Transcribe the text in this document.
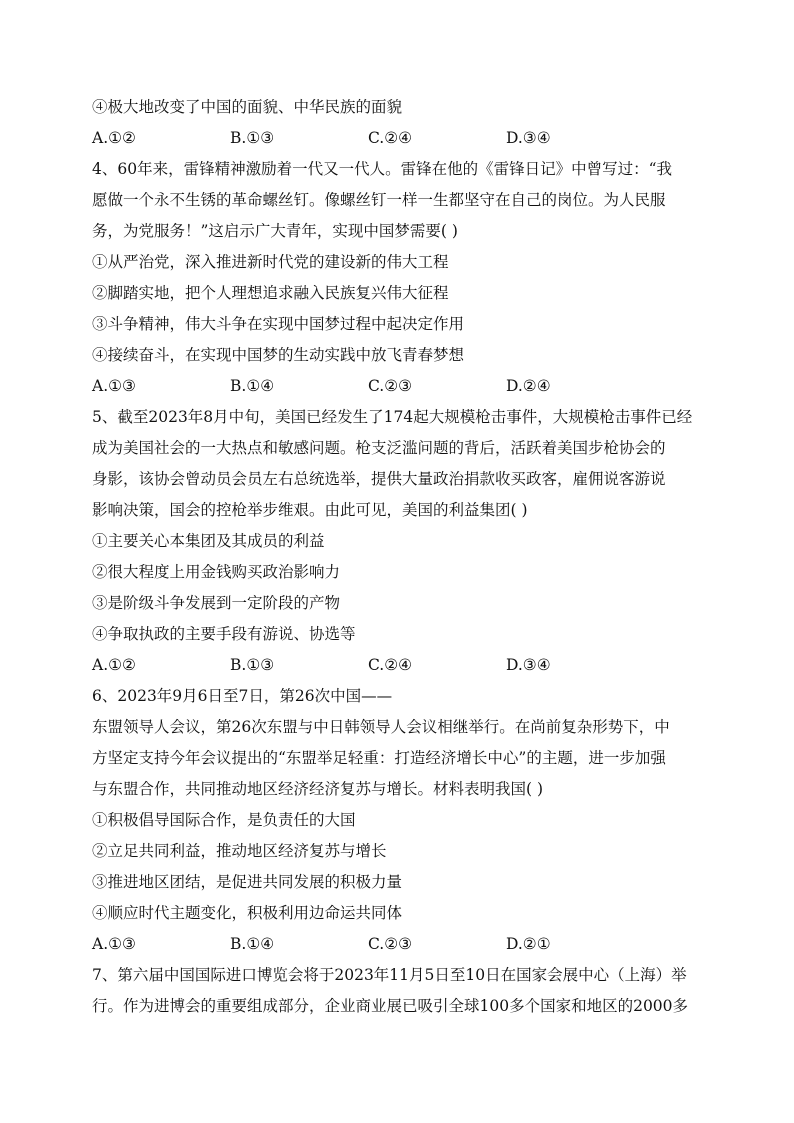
④极大地改变了中国的面貌、中华民族的面貌
A.①②	B.①③	C.②④	D.③④
4、60年来，雷锋精神激励着一代又一代人。雷锋在他的《雷锋日记》中曾写过：“我
愿做一个永不生锈的革命螺丝钉。像螺丝钉一样一生都坚守在自己的岗位。为人民服
务，为党服务！”这启示广大青年，实现中国梦需要( )
①从严治党，深入推进新时代党的建设新的伟大工程
②脚踏实地，把个人理想追求融入民族复兴伟大征程
③斗争精神，伟大斗争在实现中国梦过程中起决定作用
④接续奋斗，在实现中国梦的生动实践中放飞青春梦想
A.①③	B.①④	C.②③	D.②④
5、截至2023年8月中旬，美国已经发生了174起大规模枪击事件，大规模枪击事件已经
成为美国社会的一大热点和敏感问题。枪支泛滥问题的背后，活跃着美国步枪协会的
身影，该协会曾动员会员左右总统选举，提供大量政治捐款收买政客，雇佣说客游说
影响决策，国会的控枪举步维艰。由此可见，美国的利益集团( )
①主要关心本集团及其成员的利益
②很大程度上用金钱购买政治影响力
③是阶级斗争发展到一定阶段的产物
④争取执政的主要手段有游说、协选等
A.①②	B.①③	C.②④	D.③④
6、2023年9月6日至7日，第26次中国——
东盟领导人会议，第26次东盟与中日韩领导人会议相继举行。在尚前复杂形势下，中
方坚定支持今年会议提出的“东盟举足轻重：打造经济增长中心”的主题，进一步加强
与东盟合作，共同推动地区经济经济复苏与增长。材料表明我国( )
①积极倡导国际合作，是负责任的大国
②立足共同利益，推动地区经济复苏与增长
③推进地区团结，是促进共同发展的积极力量
④顺应时代主题变化，积极利用边命运共同体
A.①③	B.①④	C.②③	D.②①
7、第六届中国国际进口博览会将于2023年11月5日至10日在国家会展中心（上海）举
行。作为进博会的重要组成部分，企业商业展已吸引全球100多个国家和地区的2000多
